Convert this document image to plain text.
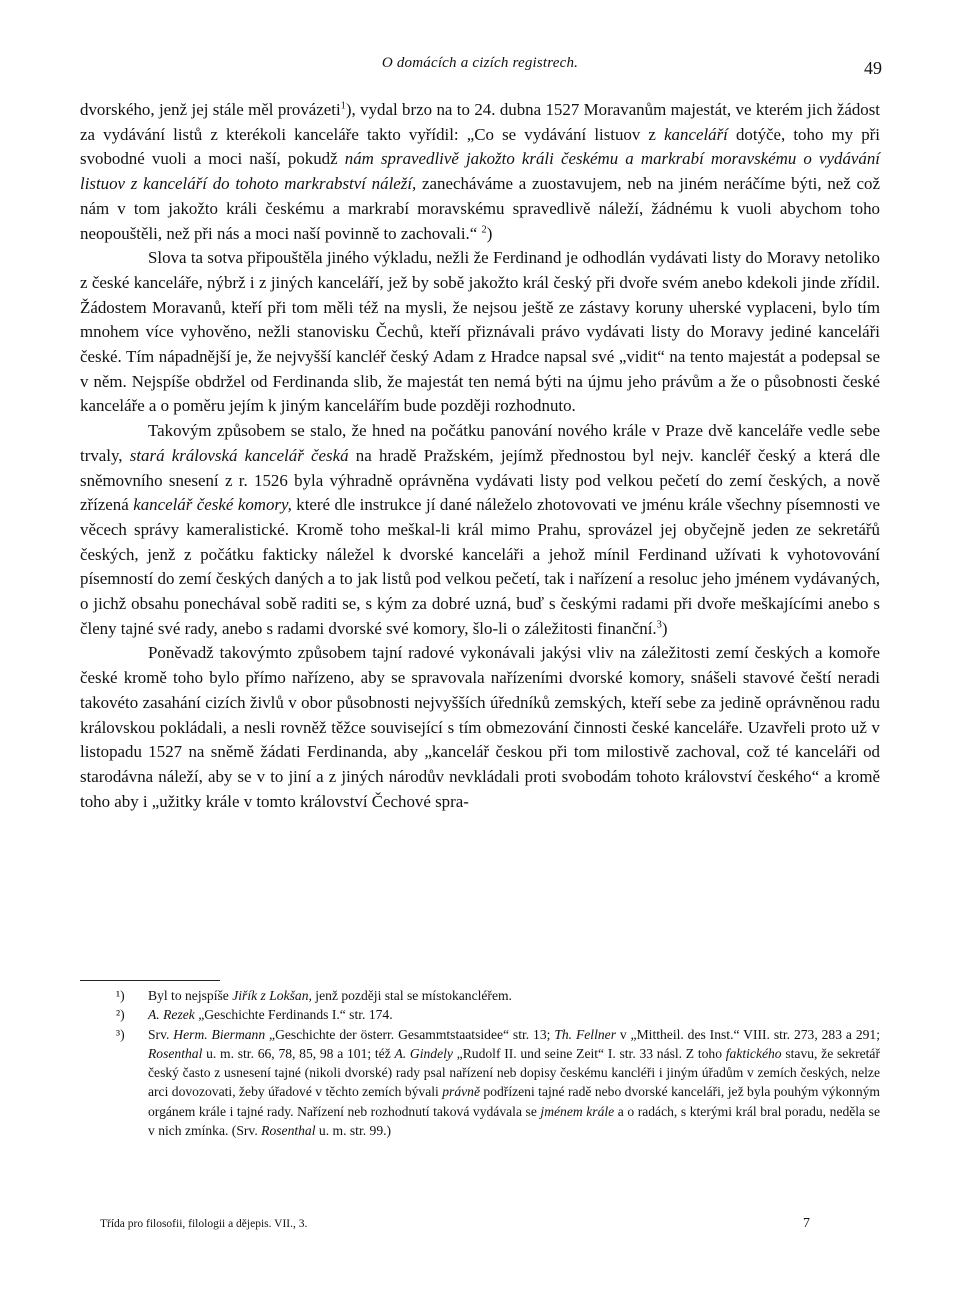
O domácích a cizích registrech.	49

dvorského, jenž jej stále měl provázeti$^1$), vydal brzo na to 24. dubna 1527 Moravanům majestát, ve kterém jich žádost za vydávání listů z kterékoli kanceláře takto vyřídil: „Co se vydávání listuov z kanceláří dotýče, toho my při svobodné vuoli a moci naší, pokudž nám spravedlivě jakožto králi českému a markrabí moravskému o vydávání listuov z kanceláří do tohoto markrabství náleží, zanecháváme a zuostavujem, neb na jiném neráčíme býti, než což nám v tom jakožto králi českému a markrabí moravskému spravedlivě náleží, žádnému k vuoli abychom toho neopouštěli, než při nás a moci naší povinně to zachovali.“ $^2$)

Slova ta sotva připouštěla jiného výkladu, nežli že Ferdinand je odhodlán vydávati listy do Moravy netoliko z české kanceláře, nýbrž i z jiných kanceláří, jež by sobě jakožto král český při dvoře svém anebo kdekoli jinde zřídil. Žádostem Moravanů, kteří při tom měli též na mysli, že nejsou ještě ze zástavy koruny uherské vyplaceni, bylo tím mnohem více vyhověno, nežli stanovisku Čechů, kteří přiznávali právo vydávati listy do Moravy jediné kanceláři české. Tím nápadnější je, že nejvyšší kancléř český Adam z Hradce napsal své „vidit“ na tento majestát a podepsal se v něm. Nejspíše obdržel od Ferdinanda slib, že majestát ten nemá býti na újmu jeho právům a že o působnosti české kanceláře a o poměru jejím k jiným kancelářím bude později rozhodnuto.

Takovým způsobem se stalo, že hned na počátku panování nového krále v Praze dvě kanceláře vedle sebe trvaly, stará královská kancelář česká na hradě Pražském, jejímž přednostou byl nejv. kancléř český a která dle sněmovního snesení z r. 1526 byla výhradně oprávněna vydávati listy pod velkou pečetí do zemí českých, a nově zřízená kancelář české komory, které dle instrukce jí dané náleželo zhotovovati ve jménu krále všechny písemnosti ve věcech správy kameralistické. Kromě toho meškal-li král mimo Prahu, sprovázel jej obyčejně jeden ze sekretářů českých, jenž z počátku fakticky náležel k dvorské kanceláři a jehož mínil Ferdinand užívati k vyhotovování písemností do zemí českých daných a to jak listů pod velkou pečetí, tak i nařízení a resoluc jeho jménem vydávaných, o jichž obsahu ponechával sobě raditi se, s kým za dobré uzná, buď s českými radami při dvoře meškajícími anebo s členy tajné své rady, anebo s radami dvorské své komory, šlo-li o záležitosti finanční.$^3$)

Poněvadž takovýmto způsobem tajní radové vykonávali jakýsi vliv na záležitosti zemí českých a komoře české kromě toho bylo přímo nařízeno, aby se spravovala nařízeními dvorské komory, snášeli stavové čeští neradi takovéto zasahání cizích živlů v obor působnosti nejvyšších úředníků zemských, kteří sebe za jedině oprávněnou radu královskou pokládali, a nesli rovněž těžce související s tím obmezování činnosti české kanceláře. Uzavřeli proto už v listopadu 1527 na sněmě žádati Ferdinanda, aby „kancelář českou při tom milostivě zachoval, což té kanceláři od starodávna náleží, aby se v to jiní a z jiných národův nevkládali proti svobodám tohoto království českého“ a kromě toho aby i „užitky krále v tomto království Čechové spra-

¹) Byl to nejspíše Jiřík z Lokšan, jenž později stal se místokancléřem.

²) A. Rezek „Geschichte Ferdinands I.“ str. 174.

³) Srv. Herm. Biermann „Geschichte der österr. Gesammtstaatsidee“ str. 13; Th. Fellner v „Mittheil. des Inst.“ VIII. str. 273, 283 a 291; Rosenthal u. m. str. 66, 78, 85, 98 a 101; též A. Gindely „Rudolf II. und seine Zeit“ I. str. 33 násl. Z toho faktického stavu, že sekretář český často z usnesení tajné (nikoli dvorské) rady psal nařízení neb dopisy českému kancléři i jiným úřadům v zemích českých, nelze arci dovozovati, žeby úřadové v těchto zemích bývali právně podřízeni tajné radě nebo dvorské kanceláři, jež byla pouhým výkonným orgánem krále i tajné rady. Nařízení neb rozhodnutí taková vydávala se jménem krále a o radách, s kterými král bral poradu, neděla se v nich zmínka. (Srv. Rosenthal u. m. str. 99.)

Třída pro filosofii, filologii a dějepis. VII., 3.	7
